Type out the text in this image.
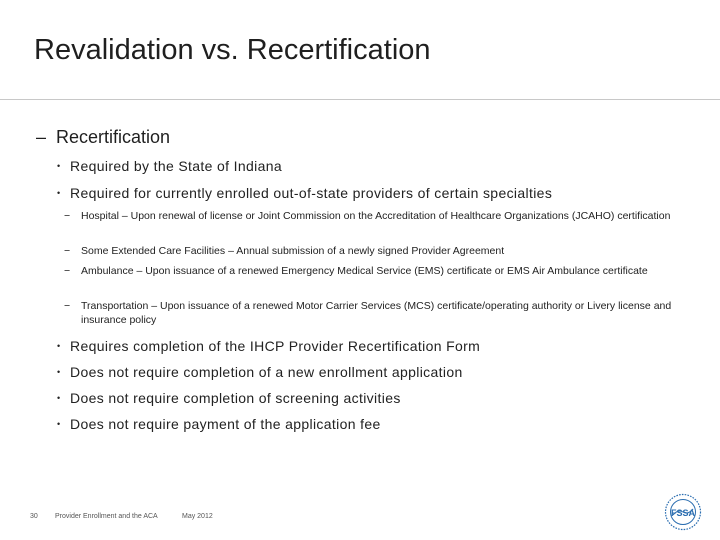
Revalidation vs. Recertification
– Recertification
• Required by the State of Indiana
• Required for currently enrolled out-of-state providers of certain specialties
−	Hospital – Upon renewal of license or Joint Commission on the Accreditation of Healthcare Organizations (JCAHO) certification
−	Some Extended Care Facilities – Annual submission of a newly signed Provider Agreement
−	Ambulance – Upon issuance of a renewed Emergency Medical Service (EMS) certificate or EMS Air Ambulance certificate
−	Transportation – Upon issuance of a renewed Motor Carrier Services (MCS) certificate/operating authority or Livery license and insurance policy
• Requires completion of the IHCP Provider Recertification Form
• Does not require completion of a new enrollment application
• Does not require completion of screening activities
• Does not require payment of the application fee
30 Provider Enrollment and the ACA	May 2012	FSSA
